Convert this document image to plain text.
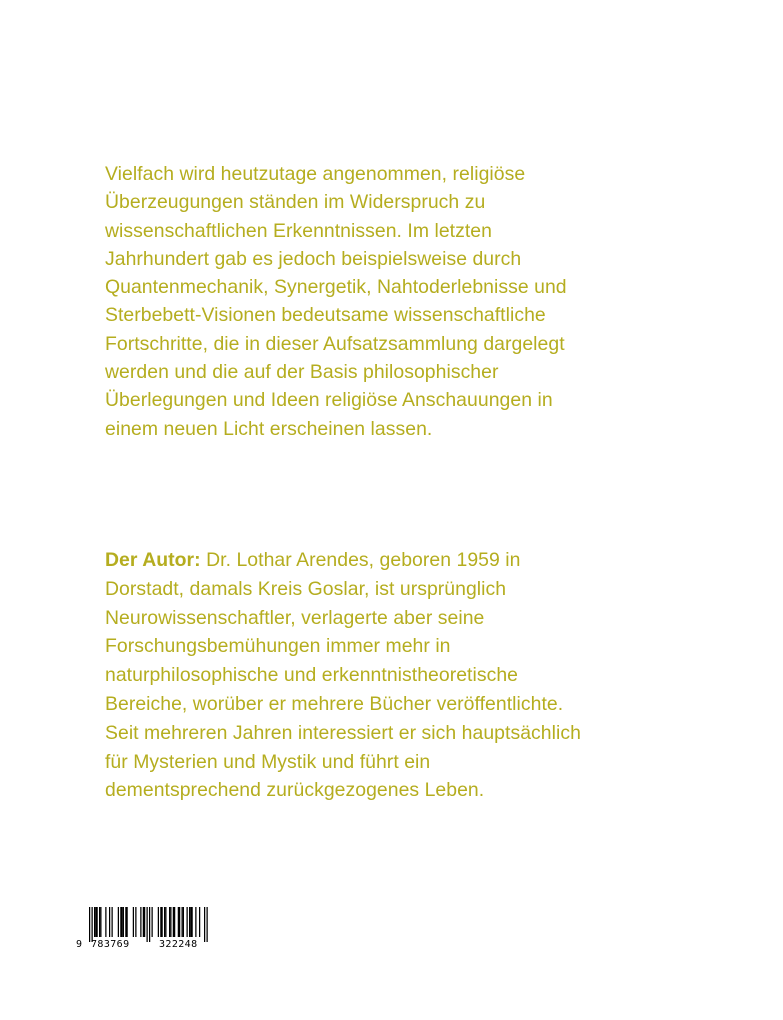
Vielfach wird heutzutage angenommen, religiöse
Überzeugungen ständen im Widerspruch zu
wissenschaftlichen Erkenntnissen. Im letzten
Jahrhundert gab es jedoch beispielsweise durch
Quantenmechanik, Synergetik, Nahtoderlebnisse und
Sterbebett-Visionen bedeutsame wissenschaftliche
Fortschritte, die in dieser Aufsatzsammlung dargelegt
werden und die auf der Basis philosophischer
Überlegungen und Ideen religiöse Anschauungen in
einem neuen Licht erscheinen lassen.

Der Autor: Dr. Lothar Arendes, geboren 1959 in
Dorstadt, damals Kreis Goslar, ist ursprünglich
Neurowissenschaftler, verlagerte aber seine
Forschungsbemühungen immer mehr in
naturphilosophische und erkenntnistheoretische
Bereiche, worüber er mehrere Bücher veröffentlichte.
Seit mehreren Jahren interessiert er sich hauptsächlich
für Mysterien und Mystik und führt ein
dementsprechend zurückgezogenes Leben.

9 783769	322248
